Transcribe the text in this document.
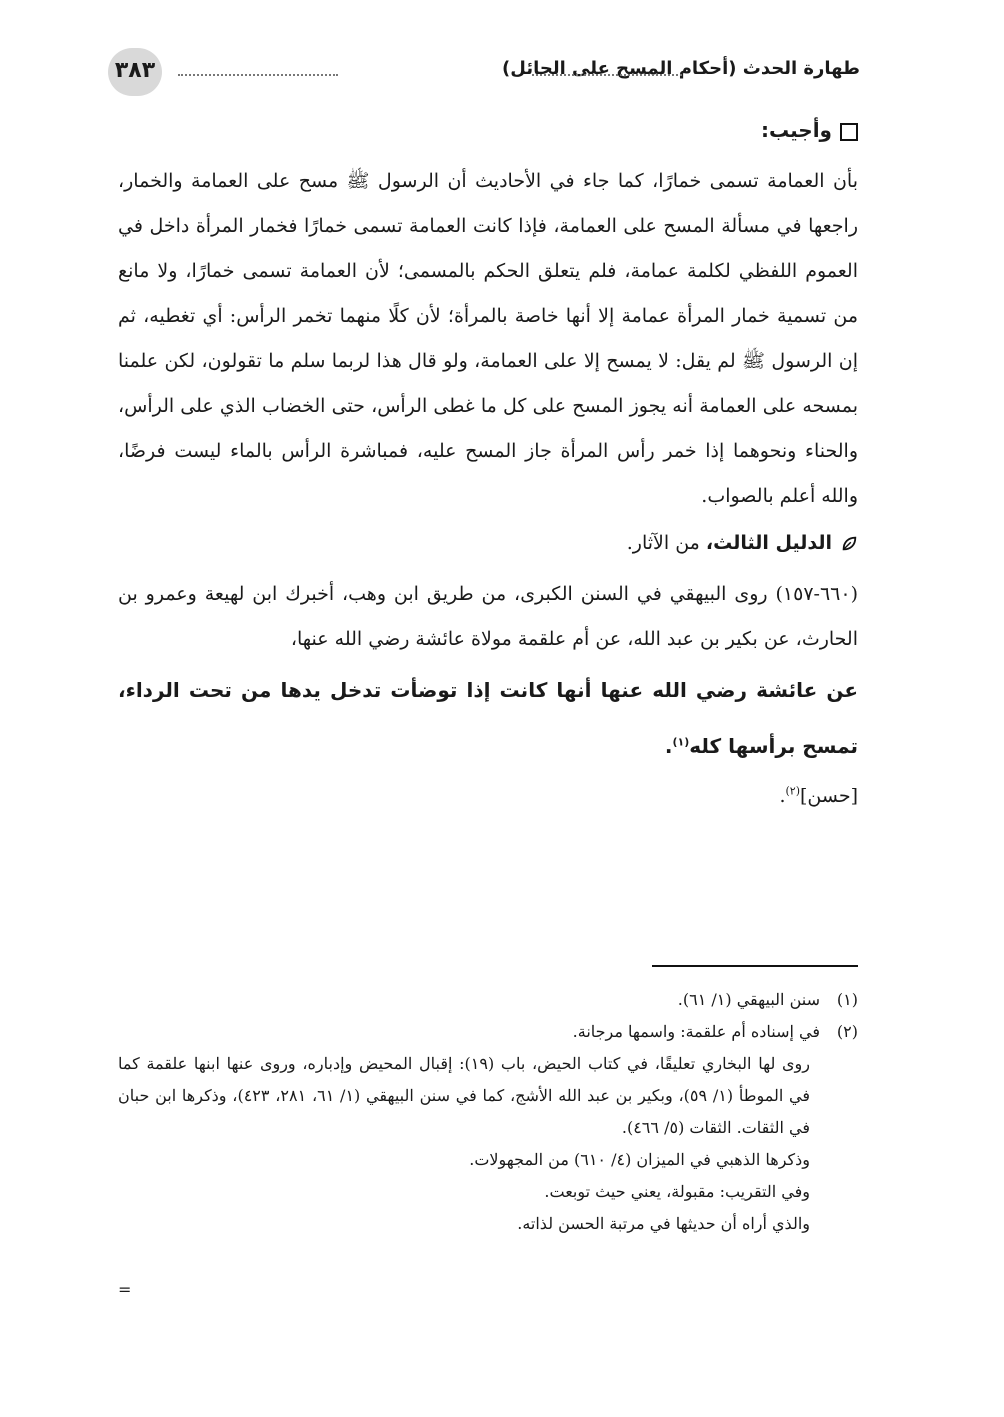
طهارة الحدث (أحكام المسح على الحائل)
٣٨٣

وأجيب:

بأن العمامة تسمى خمارًا، كما جاء في الأحاديث أن الرسول ﷺ مسح على العمامة والخمار، راجعها في مسألة المسح على العمامة، فإذا كانت العمامة تسمى خمارًا فخمار المرأة داخل في العموم اللفظي لكلمة عمامة، فلم يتعلق الحكم بالمسمى؛ لأن العمامة تسمى خمارًا، ولا مانع من تسمية خمار المرأة عمامة إلا أنها خاصة بالمرأة؛ لأن كلًا منهما تخمر الرأس: أي تغطيه، ثم إن الرسول ﷺ لم يقل: لا يمسح إلا على العمامة، ولو قال هذا لربما سلم ما تقولون، لكن علمنا بمسحه على العمامة أنه يجوز المسح على كل ما غطى الرأس، حتى الخضاب الذي على الرأس، والحناء ونحوهما إذا خمر رأس المرأة جاز المسح عليه، فمباشرة الرأس بالماء ليست فرضًا، والله أعلم بالصواب.

الدليل الثالث، من الآثار.

(٦٦٠-١٥٧) روى البيهقي في السنن الكبرى، من طريق ابن وهب، أخبرك ابن لهيعة وعمرو بن الحارث، عن بكير بن عبد الله، عن أم علقمة مولاة عائشة رضي الله عنها،

عن عائشة رضي الله عنها أنها كانت إذا توضأت تدخل يدها من تحت الرداء، تمسح برأسها كله$^{(١)}$.

[حسن]$^{(٢)}$.

(١)
سنن البيهقي (١/ ٦١).
(٢)
في إسناده أم علقمة: واسمها مرجانة.
روى لها البخاري تعليقًا، في كتاب الحيض، باب (١٩): إقبال المحيض وإدباره، وروى عنها ابنها علقمة كما في الموطأ (١/ ٥٩)، وبكير بن عبد الله الأشج، كما في سنن البيهقي (١/ ٦١، ٢٨١، ٤٢٣)، وذكرها ابن حبان في الثقات. الثقات (٥/ ٤٦٦).
وذكرها الذهبي في الميزان (٤/ ٦١٠) من المجهولات.
وفي التقريب: مقبولة، يعني حيث توبعت.
والذي أراه أن حديثها في مرتبة الحسن لذاته.
=
